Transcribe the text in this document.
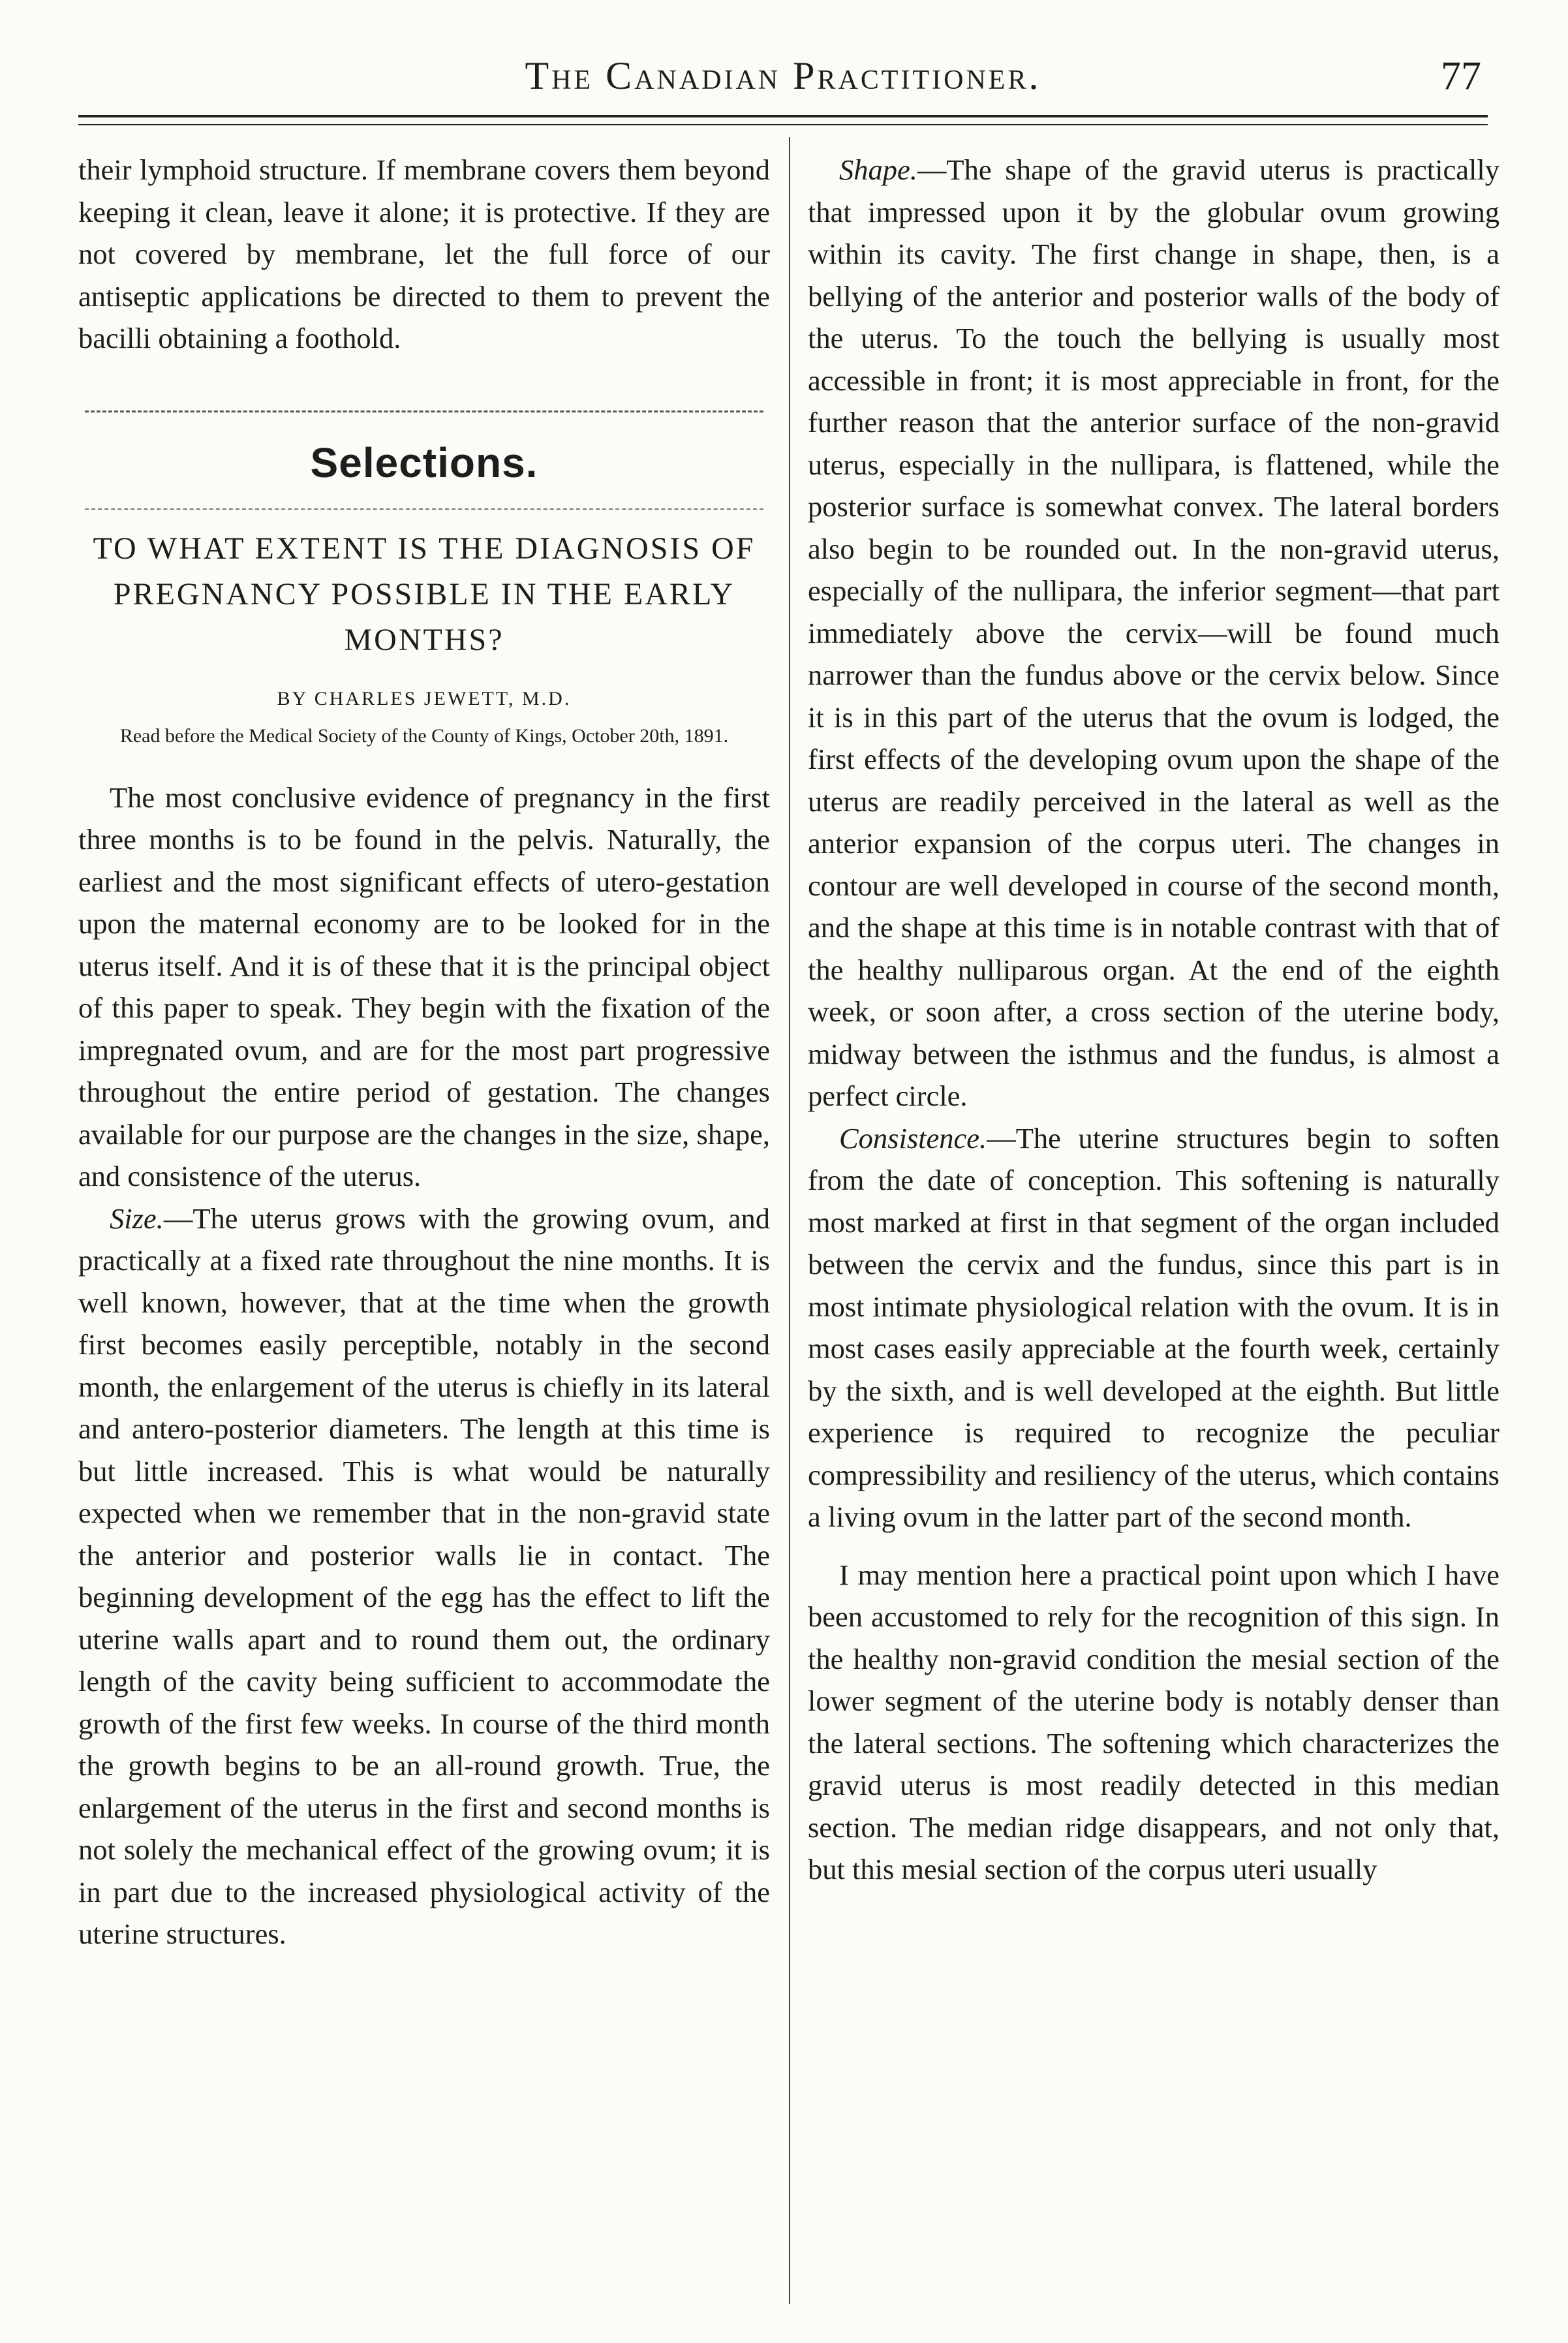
The Canadian Practitioner.	77

their lymphoid structure. If membrane covers them beyond keeping it clean, leave it alone; it is protective. If they are not covered by membrane, let the full force of our antiseptic applications be directed to them to prevent the bacilli obtaining a foothold.

Selections.
TO WHAT EXTENT IS THE DIAGNOSIS OF PREGNANCY POSSIBLE IN THE EARLY MONTHS?
BY CHARLES JEWETT, M.D.
Read before the Medical Society of the County of Kings, October 20th, 1891.

The most conclusive evidence of pregnancy in the first three months is to be found in the pelvis. Naturally, the earliest and the most significant effects of utero-gestation upon the maternal economy are to be looked for in the uterus itself. And it is of these that it is the principal object of this paper to speak. They begin with the fixation of the impregnated ovum, and are for the most part progressive throughout the entire period of gestation. The changes available for our purpose are the changes in the size, shape, and consistence of the uterus.

Size.—The uterus grows with the growing ovum, and practically at a fixed rate throughout the nine months. It is well known, however, that at the time when the growth first becomes easily perceptible, notably in the second month, the enlargement of the uterus is chiefly in its lateral and antero-posterior diameters. The length at this time is but little increased. This is what would be naturally expected when we remember that in the non-gravid state the anterior and posterior walls lie in contact. The beginning development of the egg has the effect to lift the uterine walls apart and to round them out, the ordinary length of the cavity being sufficient to accommodate the growth of the first few weeks. In course of the third month the growth begins to be an all-round growth. True, the enlargement of the uterus in the first and second months is not solely the mechanical effect of the growing ovum; it is in part due to the increased physiological activity of the uterine structures.

Shape.—The shape of the gravid uterus is practically that impressed upon it by the globular ovum growing within its cavity. The first change in shape, then, is a bellying of the anterior and posterior walls of the body of the uterus. To the touch the bellying is usually most accessible in front; it is most appreciable in front, for the further reason that the anterior surface of the non-gravid uterus, especially in the nullipara, is flattened, while the posterior surface is somewhat convex. The lateral borders also begin to be rounded out. In the non-gravid uterus, especially of the nullipara, the inferior segment—that part immediately above the cervix—will be found much narrower than the fundus above or the cervix below. Since it is in this part of the uterus that the ovum is lodged, the first effects of the developing ovum upon the shape of the uterus are readily perceived in the lateral as well as the anterior expansion of the corpus uteri. The changes in contour are well developed in course of the second month, and the shape at this time is in notable contrast with that of the healthy nulliparous organ. At the end of the eighth week, or soon after, a cross section of the uterine body, midway between the isthmus and the fundus, is almost a perfect circle.

Consistence.—The uterine structures begin to soften from the date of conception. This softening is naturally most marked at first in that segment of the organ included between the cervix and the fundus, since this part is in most intimate physiological relation with the ovum. It is in most cases easily appreciable at the fourth week, certainly by the sixth, and is well developed at the eighth. But little experience is required to recognize the peculiar compressibility and resiliency of the uterus, which contains a living ovum in the latter part of the second month.

I may mention here a practical point upon which I have been accustomed to rely for the recognition of this sign. In the healthy non-gravid condition the mesial section of the lower segment of the uterine body is notably denser than the lateral sections. The softening which characterizes the gravid uterus is most readily detected in this median section. The median ridge disappears, and not only that, but this mesial section of the corpus uteri usually
